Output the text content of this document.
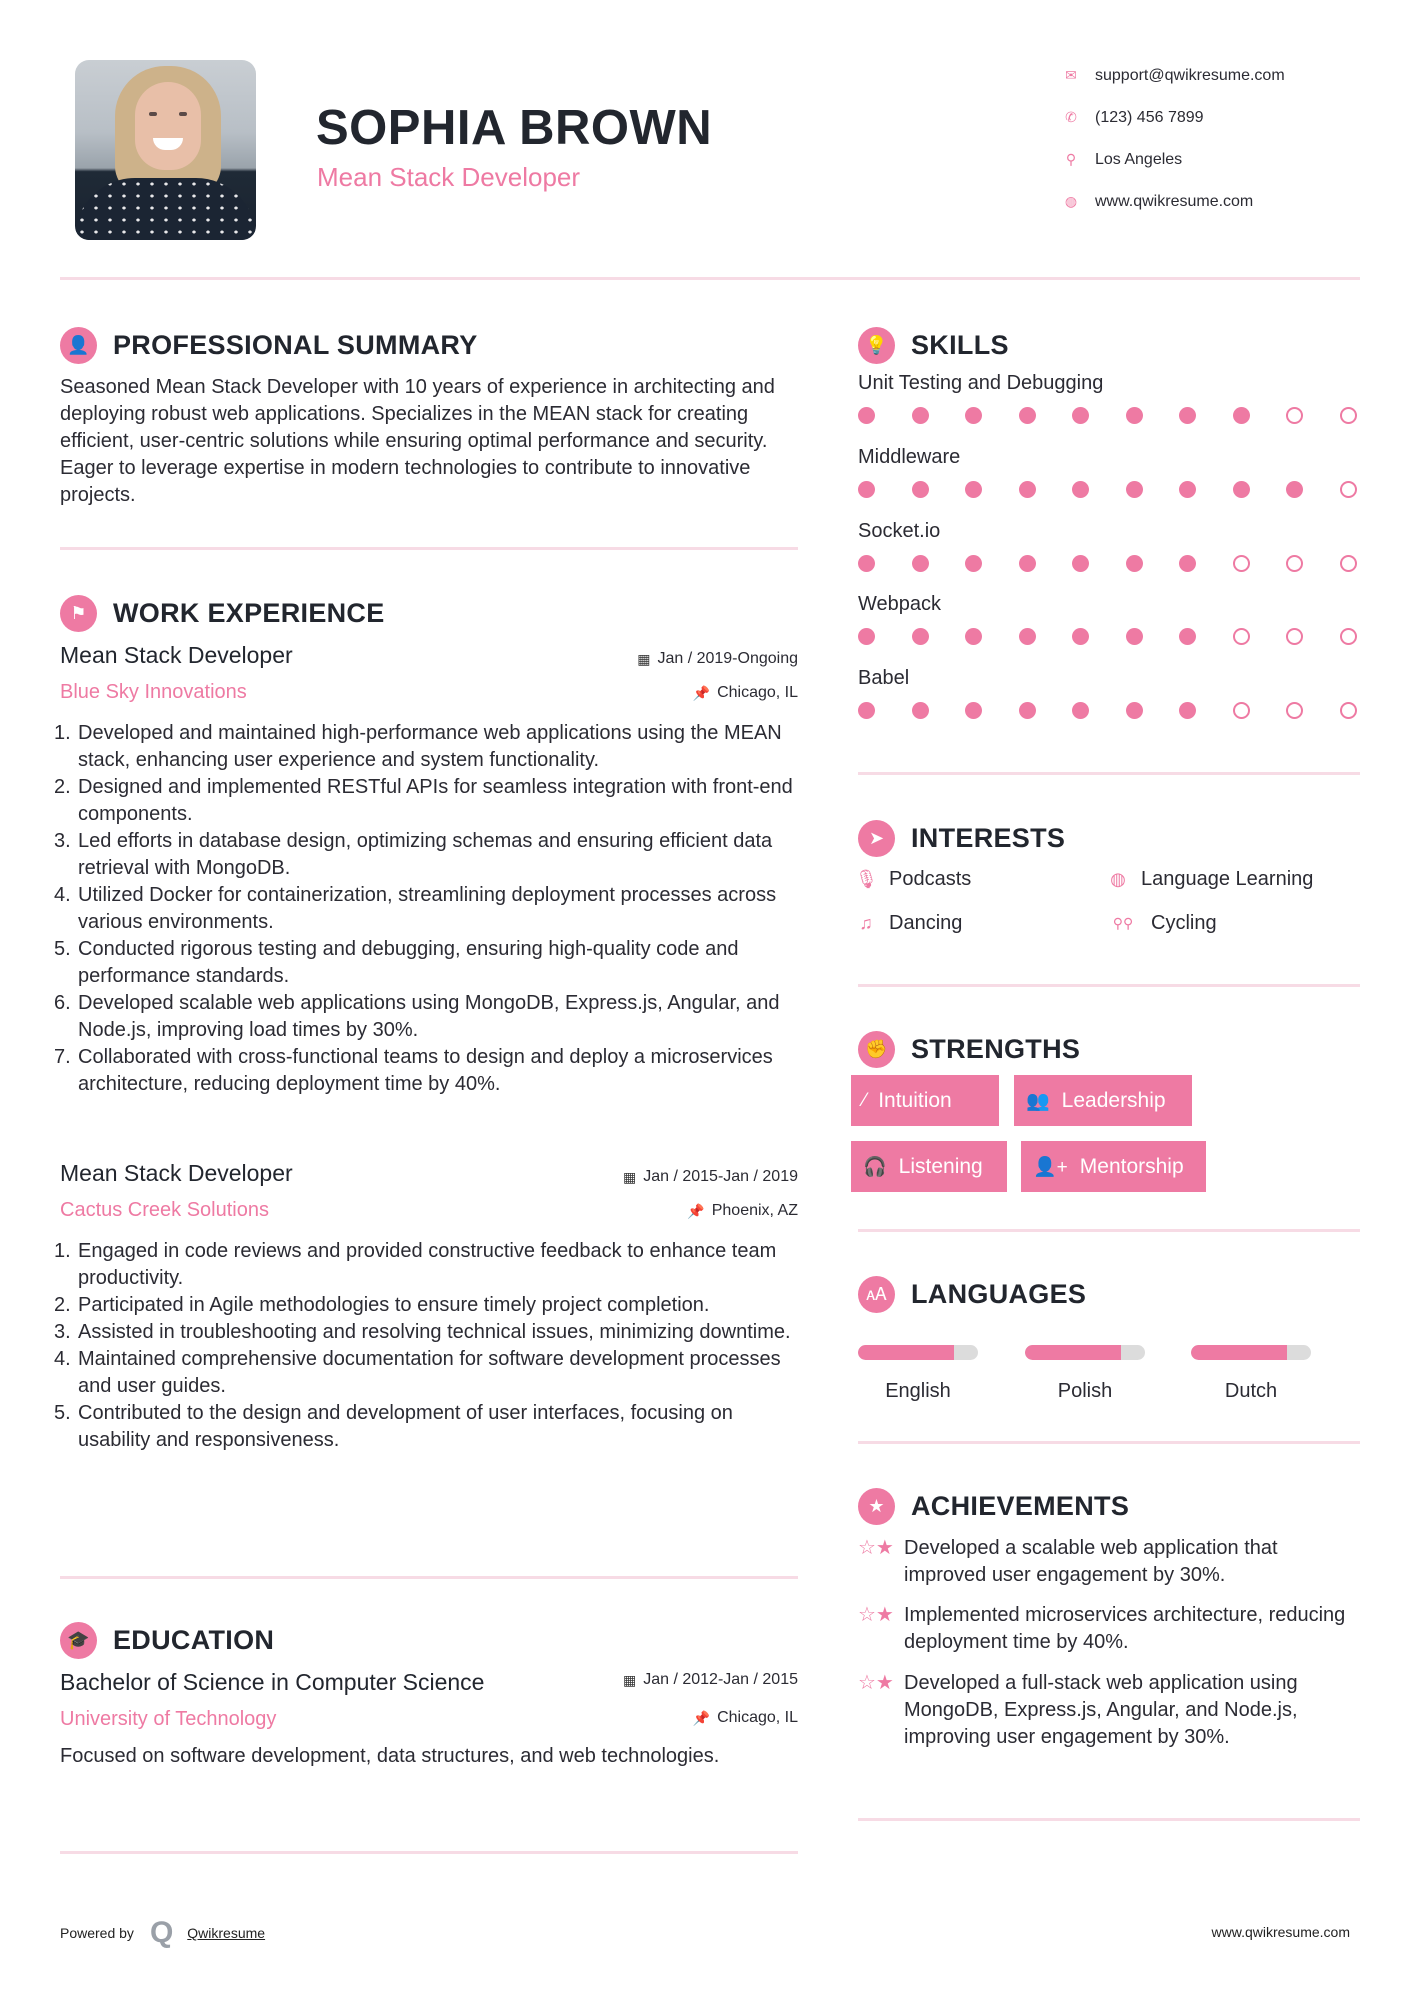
SOPHIA BROWN
Mean Stack Developer
✉	support@qwikresume.com
✆	(123) 456 7899
⚲	Los Angeles
◍	www.qwikresume.com
👤 PROFESSIONAL SUMMARY
Seasoned Mean Stack Developer with 10 years of experience in architecting and deploying robust web applications. Specializes in the MEAN stack for creating efficient, user-centric solutions while ensuring optimal performance and security. Eager to leverage expertise in modern technologies to contribute to innovative projects.
⚑ WORK EXPERIENCE
Mean Stack Developer	▦ Jan / 2019-Ongoing
Blue Sky Innovations	📌 Chicago, IL
1. Developed and maintained high-performance web applications using the MEAN stack, enhancing user experience and system functionality.
2. Designed and implemented RESTful APIs for seamless integration with front-end components.
3. Led efforts in database design, optimizing schemas and ensuring efficient data retrieval with MongoDB.
4. Utilized Docker for containerization, streamlining deployment processes across various environments.
5. Conducted rigorous testing and debugging, ensuring high-quality code and performance standards.
6. Developed scalable web applications using MongoDB, Express.js, Angular, and Node.js, improving load times by 30%.
7. Collaborated with cross-functional teams to design and deploy a microservices architecture, reducing deployment time by 40%.
Mean Stack Developer	▦ Jan / 2015-Jan / 2019
Cactus Creek Solutions	📌 Phoenix, AZ
1. Engaged in code reviews and provided constructive feedback to enhance team productivity.
2. Participated in Agile methodologies to ensure timely project completion.
3. Assisted in troubleshooting and resolving technical issues, minimizing downtime.
4. Maintained comprehensive documentation for software development processes and user guides.
5. Contributed to the design and development of user interfaces, focusing on usability and responsiveness.
🎓 EDUCATION
Bachelor of Science in Computer Science	▦ Jan / 2012-Jan / 2015
University of Technology	📌 Chicago, IL
Focused on software development, data structures, and web technologies.
💡 SKILLS
Unit Testing and Debugging
Middleware
Socket.io
Webpack
Babel
➤ INTERESTS
🎙 Podcasts	◍ Language Learning
♫ Dancing	⚲⚲ Cycling
✊ STRENGTHS
⁄ Intuition	👥 Leadership
🎧 Listening	👤+ Mentorship
🗚 LANGUAGES
English	Polish	Dutch
★ ACHIEVEMENTS
☆★ Developed a scalable web application that improved user engagement by 30%.
☆★ Implemented microservices architecture, reducing deployment time by 40%.
☆★ Developed a full-stack web application using MongoDB, Express.js, Angular, and Node.js, improving user engagement by 30%.
Powered by Q Qwikresume	www.qwikresume.com
